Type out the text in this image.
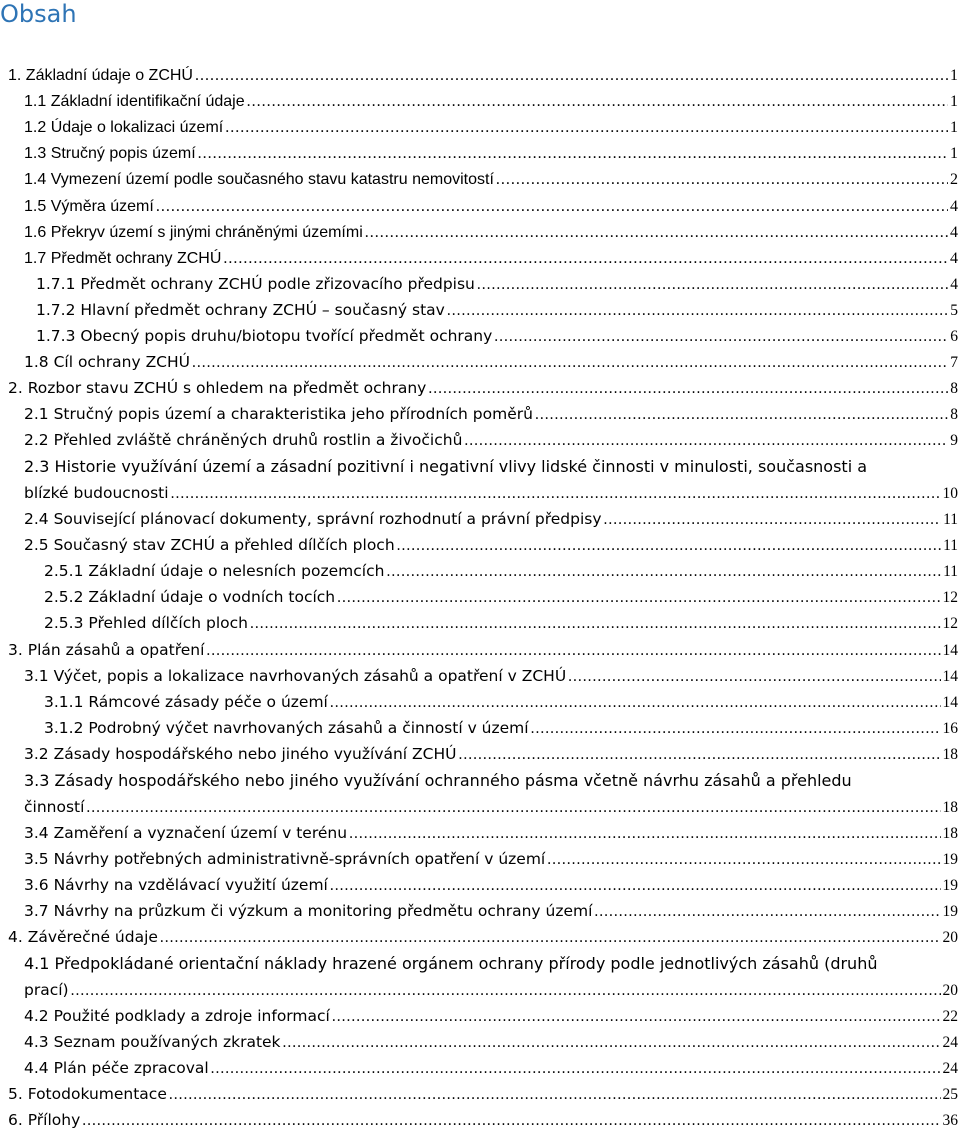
Obsah
1. Základní údaje o ZCHÚ .....	1
1.1 Základní identifikační údaje .....	1
1.2 Údaje o lokalizaci území .....	1
1.3 Stručný popis území .....	1
1.4 Vymezení území podle současného stavu katastru nemovitostí .....	2
1.5 Výměra území .....	4
1.6 Překryv území s jinými chráněnými územími .....	4
1.7 Předmět ochrany ZCHÚ .....	4
1.7.1 Předmět ochrany ZCHÚ podle zřizovacího předpisu .....	4
1.7.2 Hlavní předmět ochrany ZCHÚ – současný stav .....	5
1.7.3 Obecný popis druhu/biotopu tvořící předmět ochrany .....	6
1.8 Cíl ochrany ZCHÚ .....	7
2. Rozbor stavu ZCHÚ s ohledem na předmět ochrany .....	8
2.1 Stručný popis území a charakteristika jeho přírodních poměrů .....	8
2.2 Přehled zvláště chráněných druhů rostlin a živočichů .....	9
2.3 Historie využívání území a zásadní pozitivní i negativní vlivy lidské činnosti v minulosti, současnosti a
blízké budoucnosti .....	10
2.4 Související plánovací dokumenty, správní rozhodnutí a právní předpisy .....	11
2.5 Současný stav ZCHÚ a přehled dílčích ploch .....	11
2.5.1 Základní údaje o nelesních pozemcích .....	11
2.5.2 Základní údaje o vodních tocích .....	12
2.5.3 Přehled dílčích ploch .....	12
3. Plán zásahů a opatření .....	14
3.1 Výčet, popis a lokalizace navrhovaných zásahů a opatření v ZCHÚ .....	14
3.1.1 Rámcové zásady péče o území .....	14
3.1.2 Podrobný výčet navrhovaných zásahů a činností v území .....	16
3.2 Zásady hospodářského nebo jiného využívání ZCHÚ .....	18
3.3 Zásady hospodářského nebo jiného využívání ochranného pásma včetně návrhu zásahů a přehledu
činností .....	18
3.4 Zaměření a vyznačení území v terénu .....	18
3.5 Návrhy potřebných administrativně-správních opatření v území .....	19
3.6 Návrhy na vzdělávací využití území .....	19
3.7 Návrhy na průzkum či výzkum a monitoring předmětu ochrany území .....	19
4. Závěrečné údaje .....	20
4.1 Předpokládané orientační náklady hrazené orgánem ochrany přírody podle jednotlivých zásahů (druhů
prací) .....	20
4.2 Použité podklady a zdroje informací .....	22
4.3 Seznam používaných zkratek .....	24
4.4 Plán péče zpracoval .....	24
5. Fotodokumentace .....	25
6. Přílohy .....	36
